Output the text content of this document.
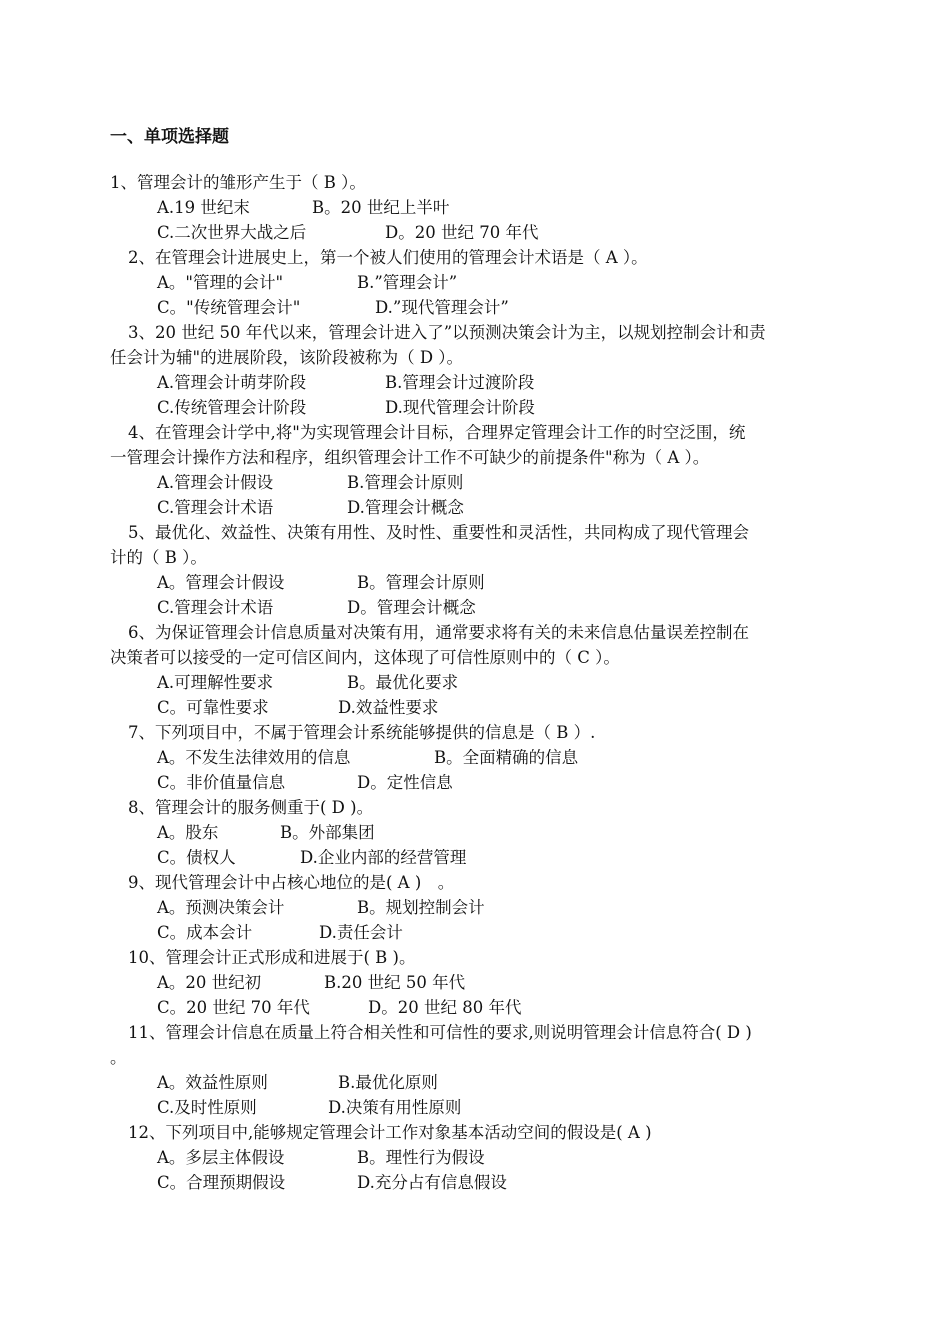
一、单项选择题
1、管理会计的雏形产生于（ B ）。
A.19 世纪末	B。20 世纪上半叶
C.二次世界大战之后	D。20 世纪 70 年代
2、在管理会计进展史上，第一个被人们使用的管理会计术语是（ A ）。
A。"管理的会计"	B.”管理会计”
C。"传统管理会计"	D.”现代管理会计”
3、20 世纪 50 年代以来，管理会计进入了”以预测决策会计为主，以规划控制会计和责
任会计为辅"的进展阶段，该阶段被称为（ D ）。
A.管理会计萌芽阶段	B.管理会计过渡阶段
C.传统管理会计阶段	D.现代管理会计阶段
4、在管理会计学中,将"为实现管理会计目标，合理界定管理会计工作的时空泛围，统
一管理会计操作方法和程序，组织管理会计工作不可缺少的前提条件"称为（ A ）。
A.管理会计假设	B.管理会计原则
C.管理会计术语	D.管理会计概念
5、最优化、效益性、决策有用性、及时性、重要性和灵活性，共同构成了现代管理会
计的（ B ）。
A。管理会计假设	B。管理会计原则
C.管理会计术语	D。管理会计概念
6、为保证管理会计信息质量对决策有用，通常要求将有关的未来信息估量误差控制在
决策者可以接受的一定可信区间内，这体现了可信性原则中的（ C ）。
A.可理解性要求	B。最优化要求
C。可靠性要求	D.效益性要求
7、下列项目中，不属于管理会计系统能够提供的信息是（ B ）.
A。不发生法律效用的信息	B。全面精确的信息
C。非价值量信息	D。定性信息
8、管理会计的服务侧重于( D )。
A。股东	B。外部集团
C。债权人	D.企业内部的经营管理
9、现代管理会计中占核心地位的是( A )　。
A。预测决策会计	B。规划控制会计
C。成本会计	D.责任会计
10、管理会计正式形成和进展于( B )。
A。20 世纪初	B.20 世纪 50 年代
C。20 世纪 70 年代	D。20 世纪 80 年代
11、管理会计信息在质量上符合相关性和可信性的要求,则说明管理会计信息符合( D )
。
A。效益性原则	B.最优化原则
C.及时性原则	D.决策有用性原则
12、下列项目中,能够规定管理会计工作对象基本活动空间的假设是( A )
A。多层主体假设	B。理性行为假设
C。合理预期假设	D.充分占有信息假设
